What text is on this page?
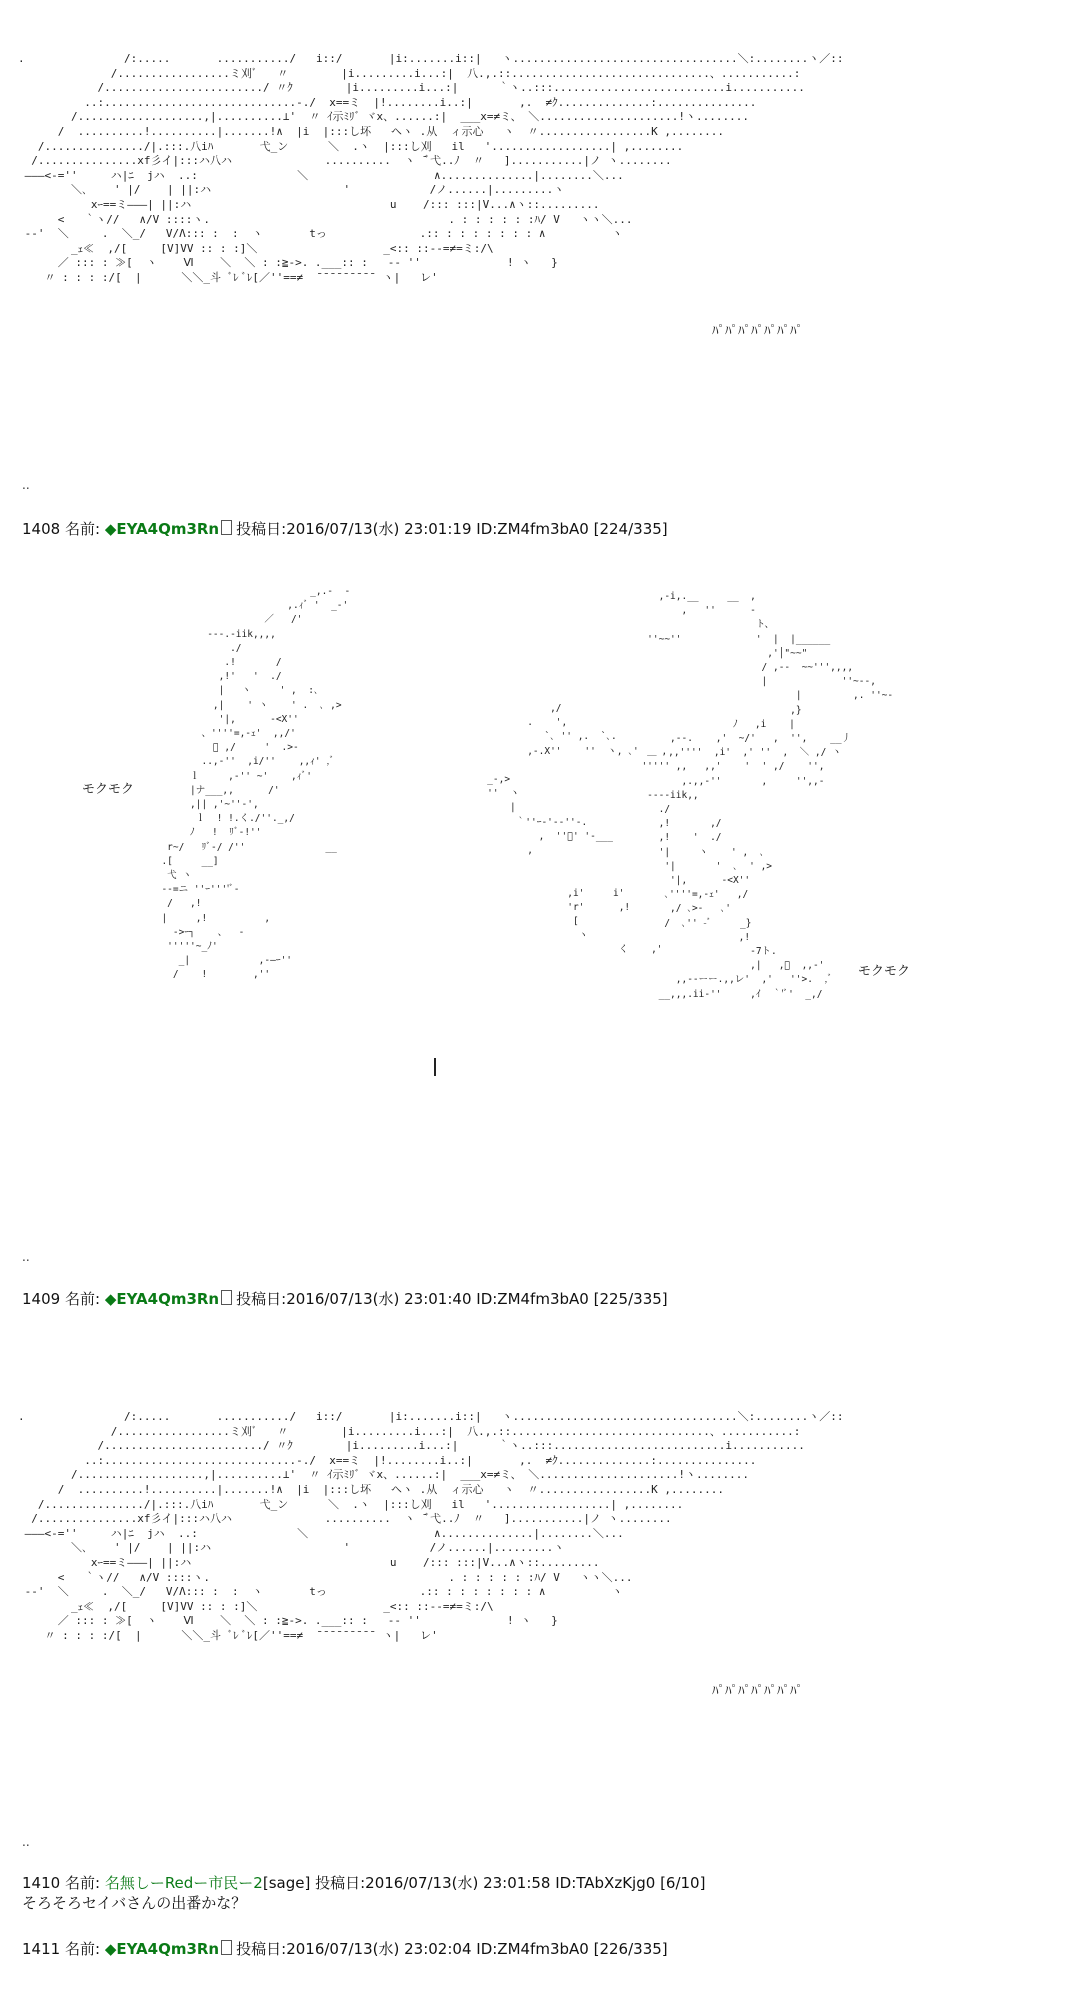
.               /:.....       .........../   i::/       |i:.......i::|   ヽ..................................＼:........ヽ／::
/.................ミ刈ﾞ   〃        |i.........i...:|  八.,.::..............................、...........:
/......................../ 〃ｸ        |i.........i...:|      ｀ヽ..:::..........................i...........
..:.............................-./  x==ミ  |!........i..:|       ,.  ≠ｸ..............:...............
/...................,|..........⊥'  〃 ｲ示ﾐﾘ゛ヾx、......:|  ___x=≠ミ、 ＼.....................!ヽ........
/  ..........!..........|.......!∧  |i  |:::し坏   ヘヽ .从  ィ示心   ヽ  〃.................K ,........
/.............../|.:::.八iﾊ       弋_ン      ＼  .ヽ  |:::し刈   il   '..................| ,........
/...............xf彡イ|:::ハ八ハ              ..........  ヽ ̄ ﾞ弋..ﾉ  〃   ]...........|ノ ヽ........
―――<-=''     ハ|ﾆ  jハ  ..:               ＼                   ∧..............|........＼...
＼､    ' |/    | ||:ハ                    '            /ノ......|.........ヽ
xｰ==ミ―――| ||:ハ                              u    /::: :::|V...∧ヽ::.........
<   ｀ヽ//   ∧/V ::::ヽ.                                    . : : : : : :ﾊ/ V   ヽヽ＼...
--'  ＼     .  ＼_/   V/Λ::: :  :  ヽ       tっ              .:: : : : : : : : ∧          ヽ
_ｪ≪  ,/[     [V]VV :: : :]＼                   _<:: ::--=≠=ミ:/\
／ ::: : ≫[  ヽ    Ⅵ    ＼  ＼ : :≧->. .___:: :   -- ''             ! ヽ   }
〃 : : : :/[  |      ＼＼_斗 ﾞﾚ ﾞﾚ[／''==≠  ̄ ̄ ̄ ̄ ̄ ̄ ̄ ̄ ̄  ヽ|   レ'
ﾊﾟﾊﾟﾊﾟﾊﾟﾊﾟﾊﾟﾊﾟ
..
1408 名前: ◆EYA4Qm3Rn 投稿日:2016/07/13(水) 23:01:19 ID:ZM4fm3bA0 [224/335]
_,.-  ‐
,.ｨﾞ '  _-'
／   /'
---.-iik,,,,
./
.!       /
,!'   '  ./
|   ヽ     ' ,  :､
,|    ' ヽ    ' .  ､ ,>
'|,      -<X''
、''''=,-ｪ'  ,,/'
ﾞ ,/     '  .>-
..,-''  ,i/''    ,,ｨ' ,ﾞ
ｌ     ,-'' ~'    ,ｨﾞ'
|ナ___,,      /'
,|| ,'~''-',
ｌ  ! !.く./''._,/
ﾉ   !  ﾘﾞ-!''
r~/   ﾘﾞ-/ /''              __
.[     __]
弋 ヽ
--=ニ ''ｰ''''ﾞ-
/   ,!
|     ,!          ,
->ｰ┐    、  -
'''''~_ﾉ'
_|            ,-―ｰ''
/    !        ,''
,/
.    ',
`､ '' ,.  `､.
,-.X''    ''  ヽ, ､'    ,

_-,>
''  ヽ
|
｀''ｰ-'--''-.
,  ''ﾞ' '-___
,

,i'     i'
'r'      ,!
[
ヽ
く    ,'
,-i,.__     __  ,
,   ''      -
ト、
''~~''             '  |  |______
,'│"~~"
/ ,--  ~~''',,,,
|             ''~--,
|         ,. ''~-
,}
ﾉ   ,i    |
,--.    ,'  ~/'   ,  '',    __丿
＿  ,,''''  ,i'  ,' ''  ,  ＼ ,/ ヽ
''''' ,,   ,,'    '  ' ,/    '',
,.,,-''       ,     '',,-
----iik,,
./
,!       ,/
,!    '  ./
'|     ヽ    ' ,  ､
'|       '  ､  ' ,>
'|,      -<X''
､''''=,-ｪ'   ,/
,/ ､>-   ､'
/  ､'' -ﾞ     _}
,!
‐7ト.
,|   ,ﾞ  ,,-'
,,-‐ーー.,,レ'  ,'   ''>.  ,ﾞ
__,,,.ii-''     ,ｲ  ｀'ﾞ'  _,/
モクモク
モクモク
..
1409 名前: ◆EYA4Qm3Rn 投稿日:2016/07/13(水) 23:01:40 ID:ZM4fm3bA0 [225/335]
.               /:.....       .........../   i::/       |i:.......i::|   ヽ..................................＼:........ヽ／::
/.................ミ刈ﾞ   〃        |i.........i...:|  八.,.::..............................、...........:
/......................../ 〃ｸ        |i.........i...:|      ｀ヽ..:::..........................i...........
..:.............................-./  x==ミ  |!........i..:|       ,.  ≠ｸ..............:...............
/...................,|..........⊥'  〃 ｲ示ﾐﾘ゛ヾx、......:|  ___x=≠ミ、 ＼.....................!ヽ........
/  ..........!..........|.......!∧  |i  |:::し坏   ヘヽ .从  ィ示心   ヽ  〃.................K ,........
/.............../|.:::.八iﾊ       弋_ン      ＼  .ヽ  |:::し刈   il   '..................| ,........
/...............xf彡イ|:::ハ八ハ              ..........  ヽ ̄ ﾞ弋..ﾉ  〃   ]...........|ノ ヽ........
―――<-=''     ハ|ﾆ  jハ  ..:               ＼                   ∧..............|........＼...
＼､    ' |/    | ||:ハ                    '            /ノ......|.........ヽ
xｰ==ミ―――| ||:ハ                              u    /::: :::|V...∧ヽ::.........
<   ｀ヽ//   ∧/V ::::ヽ.                                    . : : : : : :ﾊ/ V   ヽヽ＼...
--'  ＼     .  ＼_/   V/Λ::: :  :  ヽ       tっ              .:: : : : : : : : ∧          ヽ
_ｪ≪  ,/[     [V]VV :: : :]＼                   _<:: ::--=≠=ミ:/\
／ ::: : ≫[  ヽ    Ⅵ    ＼  ＼ : :≧->. .___:: :   -- ''             ! ヽ   }
〃 : : : :/[  |      ＼＼_斗 ﾞﾚ ﾞﾚ[／''==≠  ̄ ̄ ̄ ̄ ̄ ̄ ̄ ̄ ̄  ヽ|   レ'
ﾊﾟﾊﾟﾊﾟﾊﾟﾊﾟﾊﾟﾊﾟ
..
1410 名前: 名無しーRedー市民ー2[sage] 投稿日:2016/07/13(水) 23:01:58 ID:TAbXzKjg0 [6/10]
そろそろセイバさんの出番かな？
1411 名前: ◆EYA4Qm3Rn 投稿日:2016/07/13(水) 23:02:04 ID:ZM4fm3bA0 [226/335]
